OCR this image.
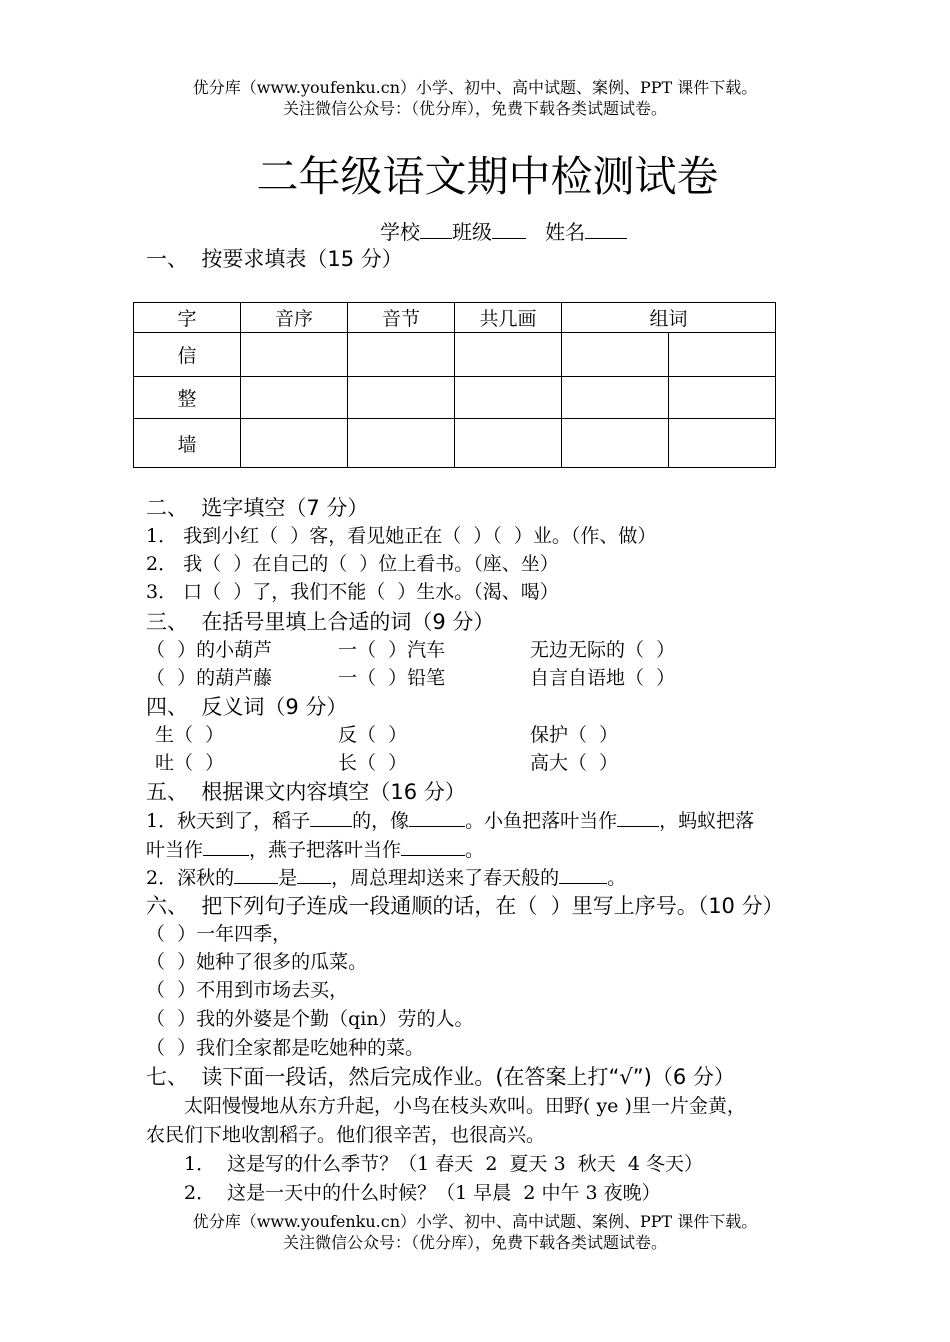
优分库（www.youfenku.cn）小学、初中、高中试题、案例、PPT 课件下载。
关注微信公众号：（优分库），免费下载各类试题试卷。
二年级语文期中检测试卷
学校 班级	姓名
一、  按要求填表（15 分）
字	音序	音节	共几画	组词	
信					
整					
墙					
二、  选字填空（7 分）
1． 我到小红（  ）客，看见她正在（  ）（  ）业。（作、做）
2． 我（  ）在自己的（  ）位上看书。（座、坐）
3． 口（  ）了，我们不能（  ）生水。（渴、喝）
三、  在括号里填上合适的词（9 分）
（  ）的小葫芦	一（  ）汽车	无边无际的（  ）
（  ）的葫芦藤	一（  ）铅笔	自言自语地（  ）
四、  反义词（9 分）
生（  ）	反（  ）	保护（  ）
吐（  ）	长（  ）	高大（  ）
五、  根据课文内容填空（16 分）
1．秋天到了，稻子 的，像	。小鱼把落叶当作 ，蚂蚁把落
叶当作 ，燕子把落叶当作	。
2．深秋的 是 ，周总理却送来了春天般的	。
六、  把下列句子连成一段通顺的话，在（  ）里写上序号。（10 分）
（  ）一年四季，
（  ）她种了很多的瓜菜。
（  ）不用到市场去买，
（  ）我的外婆是个勤（qin）劳的人。
（  ）我们全家都是吃她种的菜。
七、  读下面一段话，然后完成作业。(在答案上打“√”)（6 分）
太阳慢慢地从东方升起，小鸟在枝头欢叫。田野( ye )里一片金黄，
农民们下地收割稻子。他们很辛苦，也很高兴。
1．  这是写的什么季节？（1 春天  2  夏天 3  秋天  4 冬天）
2．  这是一天中的什么时候？（1 早晨  2 中午 3 夜晚）
优分库（www.youfenku.cn）小学、初中、高中试题、案例、PPT 课件下载。
关注微信公众号：（优分库），免费下载各类试题试卷。
